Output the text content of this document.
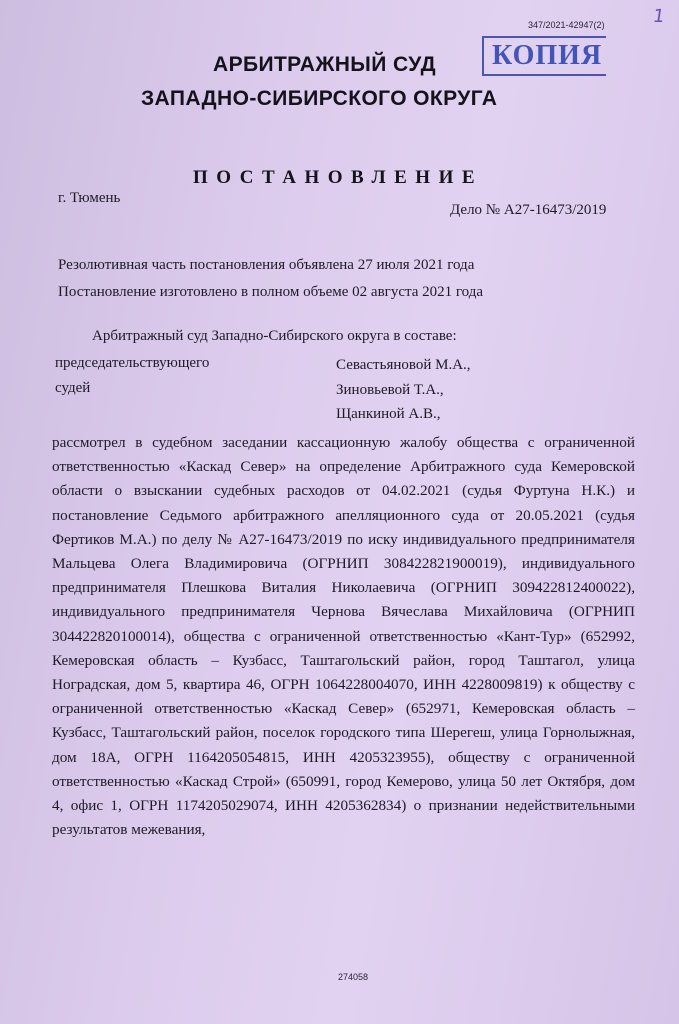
347/2021-42947(2)	1
АРБИТРАЖНЫЙ СУД	КОПИЯ
ЗАПАДНО-СИБИРСКОГО ОКРУГА
ПОСТАНОВЛЕНИЕ
г. Тюмень
Дело № А27-16473/2019
Резолютивная часть постановления объявлена 27 июля 2021 года
Постановление изготовлено в полном объеме 02 августа 2021 года
Арбитражный суд Западно-Сибирского округа в составе:
председательствующего	Севастьяновой М.А.,
судей	Зиновьевой Т.А.,
Щанкиной А.В.,
рассмотрел в судебном заседании кассационную жалобу общества с ограниченной ответственностью «Каскад Север» на определение Арбитражного суда Кемеровской области о взыскании судебных расходов от 04.02.2021 (судья Фуртуна Н.К.) и постановление Седьмого арбитражного апелляционного суда от 20.05.2021 (судья Фертиков М.А.) по делу № А27-16473/2019 по иску индивидуального предпринимателя Мальцева Олега Владимировича (ОГРНИП 308422821900019), индивидуального предпринимателя Плешкова Виталия Николаевича (ОГРНИП 309422812400022), индивидуального предпринимателя Чернова Вячеслава Михайловича (ОГРНИП 304422820100014), общества с ограниченной ответственностью «Кант-Тур» (652992, Кемеровская область – Кузбасс, Таштагольский район, город Таштагол, улица Ноградская, дом 5, квартира 46, ОГРН 1064228004070, ИНН 4228009819) к обществу с ограниченной ответственностью «Каскад Север» (652971, Кемеровская область – Кузбасс, Таштагольский район, поселок городского типа Шерегеш, улица Горнолыжная, дом 18А, ОГРН 1164205054815, ИНН 4205323955), обществу с ограниченной ответственностью «Каскад Строй» (650991, город Кемерово, улица 50 лет Октября, дом 4, офис 1, ОГРН 1174205029074, ИНН 4205362834) о признании недействительными результатов межевания,
274058
